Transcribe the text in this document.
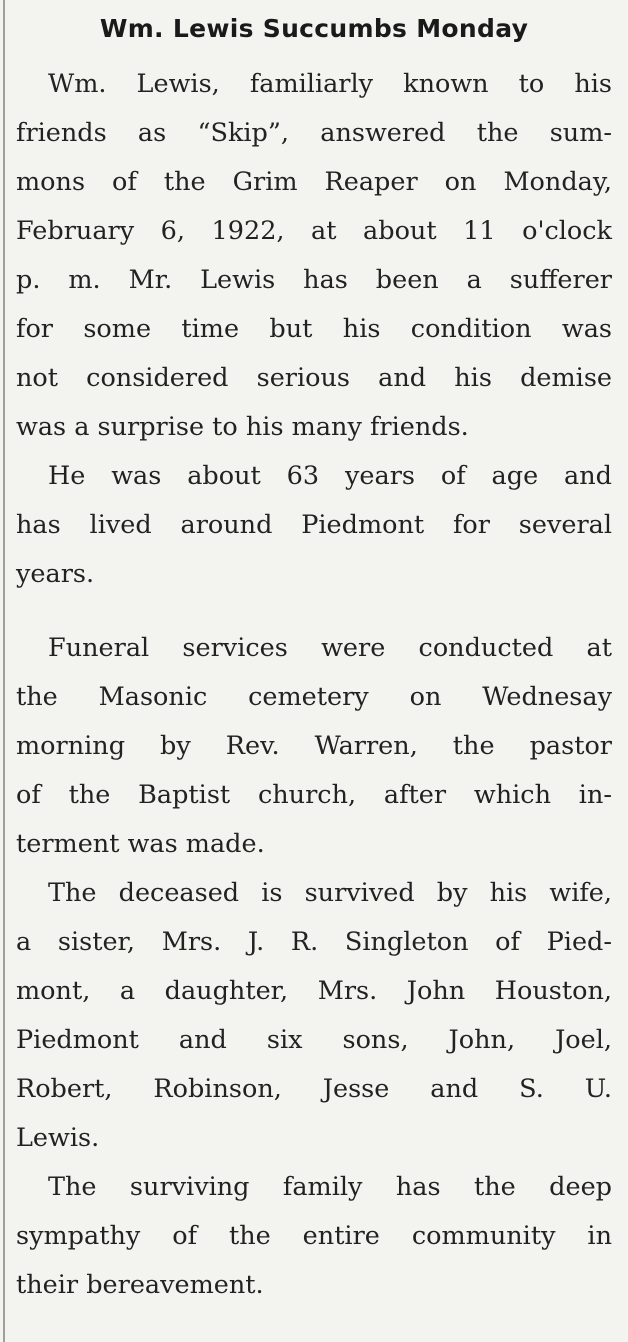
Wm. Lewis Succumbs Monday

Wm. Lewis, familiarly known to his
friends as “Skip”, answered the sum-
mons of the Grim Reaper on Monday,
February 6, 1922, at about 11 o'clock
p. m. Mr. Lewis has been a sufferer
for some time but his condition was
not considered serious and his demise
was a surprise to his many friends.

He was about 63 years of age and
has lived around Piedmont for several
years.

Funeral services were conducted at
the Masonic cemetery on Wednesay
morning by Rev. Warren, the pastor
of the Baptist church, after which in-
terment was made.

The deceased is survived by his wife,
a sister, Mrs. J. R. Singleton of Pied-
mont, a daughter, Mrs. John Houston,
Piedmont and six sons, John, Joel,
Robert, Robinson, Jesse and S. U.
Lewis.

The surviving family has the deep
sympathy of the entire community in
their bereavement.
